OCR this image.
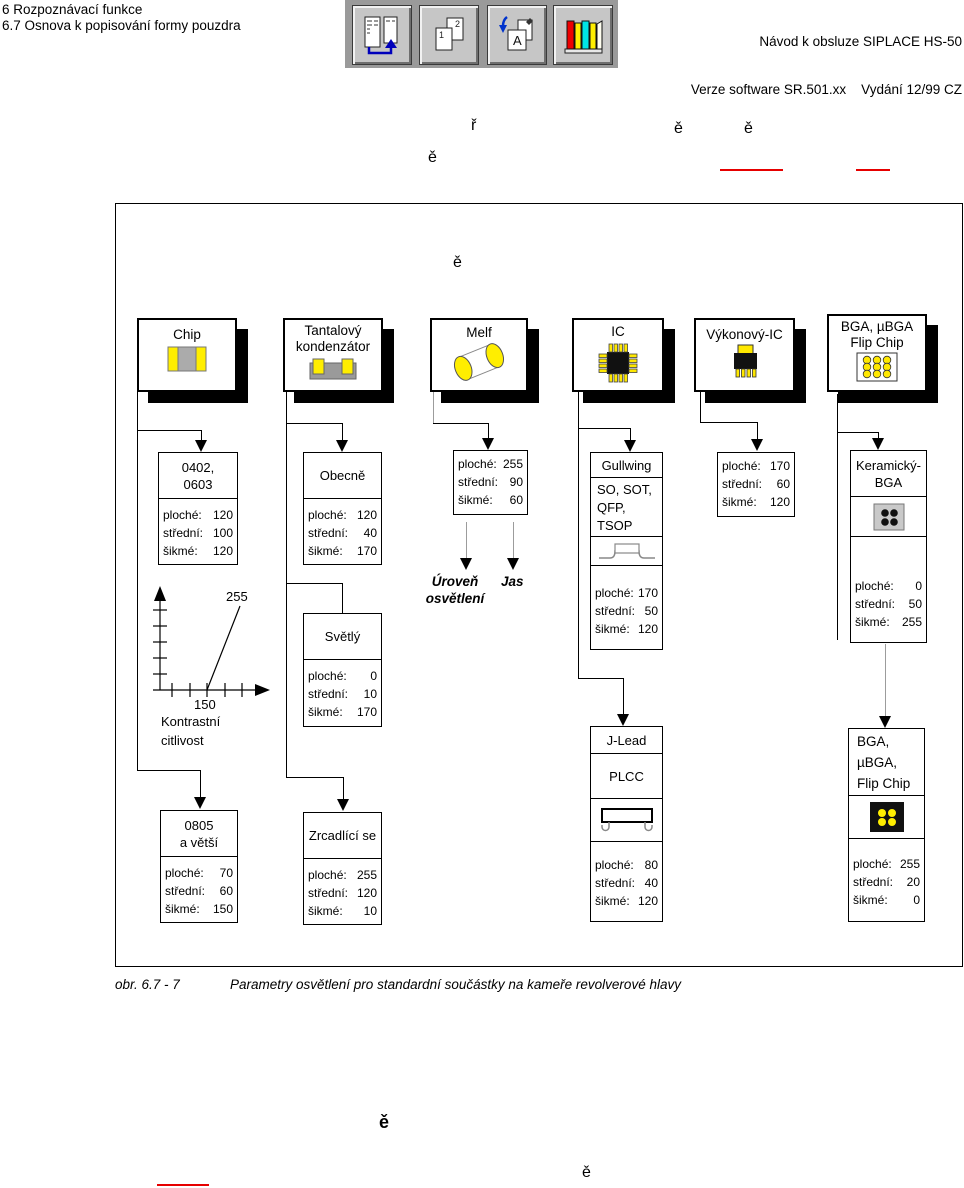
6 Rozpoznávací funkce
6.7 Osnova k popisování formy pouzdra

Návod k obsluze SIPLACE HS-50

Verze software SR.501.xx    Vydání 12/99 CZ

2
1	A
ř	ě	ě
ě
ě
Chip	Tantalový
kondenzátor
Melf	IC	Výkonový-IC
BGA, µBGA
Flip Chip
255
150
Kontrastní
citlivost
Úroveň
osvětlení
Jas
0402,
0603
ploché: 120
střední: 100
šikmé: 120
0805
a větší
ploché: 70
střední: 60
šikmé: 150
Obecně
ploché: 120
střední: 40
šikmé: 170
Světlý
ploché: 0
střední: 10
šikmé: 170
Zrcadlící se
ploché: 255
střední: 120
šikmé: 10
ploché: 255
střední: 90
šikmé: 60
Gullwing
SO, SOT,
QFP,
TSOP
ploché: 170
střední: 50
šikmé: 120
J-Lead
PLCC
ploché: 80
střední: 40
šikmé: 120
ploché: 170
střední: 60
šikmé: 120
Keramický-
BGA
ploché: 0
střední: 50
šikmé: 255
BGA,
µBGA,
Flip Chip
ploché: 255
střední: 20
šikmé: 0
obr. 6.7 - 7	Parametry osvětlení pro standardní součástky na kameře revolverové hlavy
ě
ě
